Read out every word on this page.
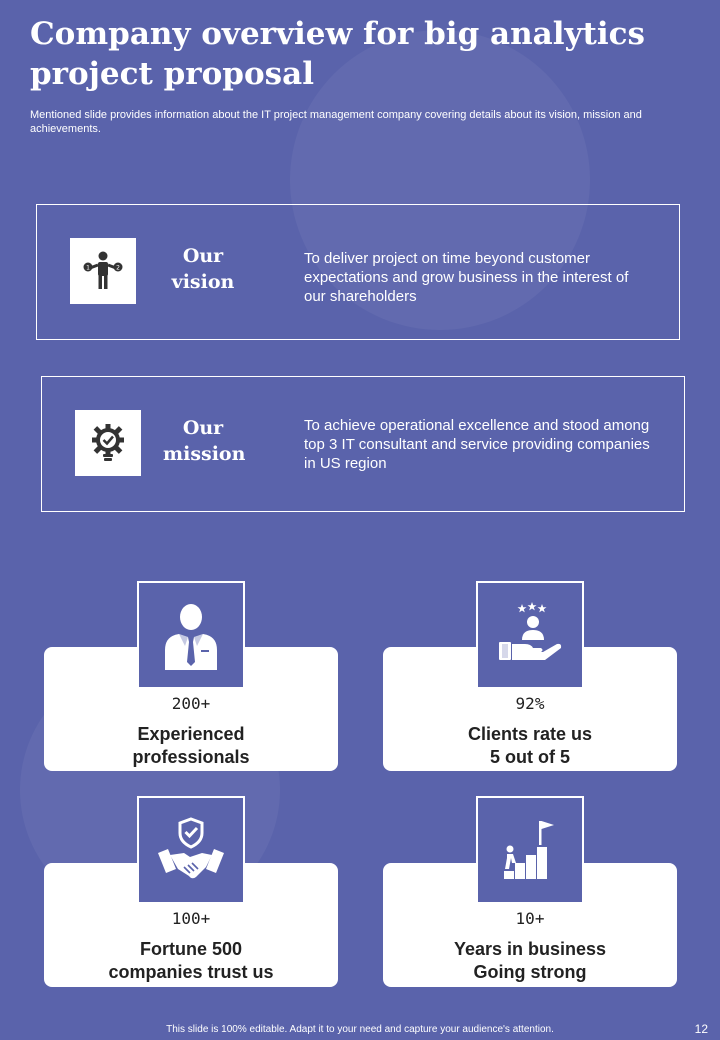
Company overview for big analytics project proposal
Mentioned slide provides information about the IT project management company covering details about its vision, mission and achievements.
1	2
Our
vision
To deliver project on time beyond customer expectations and grow business in the interest of our shareholders
Our
mission
To achieve operational excellence and stood among top 3 IT consultant and service providing companies in US region
200+
Experienced
professionals
92%
Clients rate us
5 out of 5
100+
Fortune 500
companies trust us
10+
Years in business
Going strong
This slide is 100% editable. Adapt it to your need and capture your audience's attention.	12
